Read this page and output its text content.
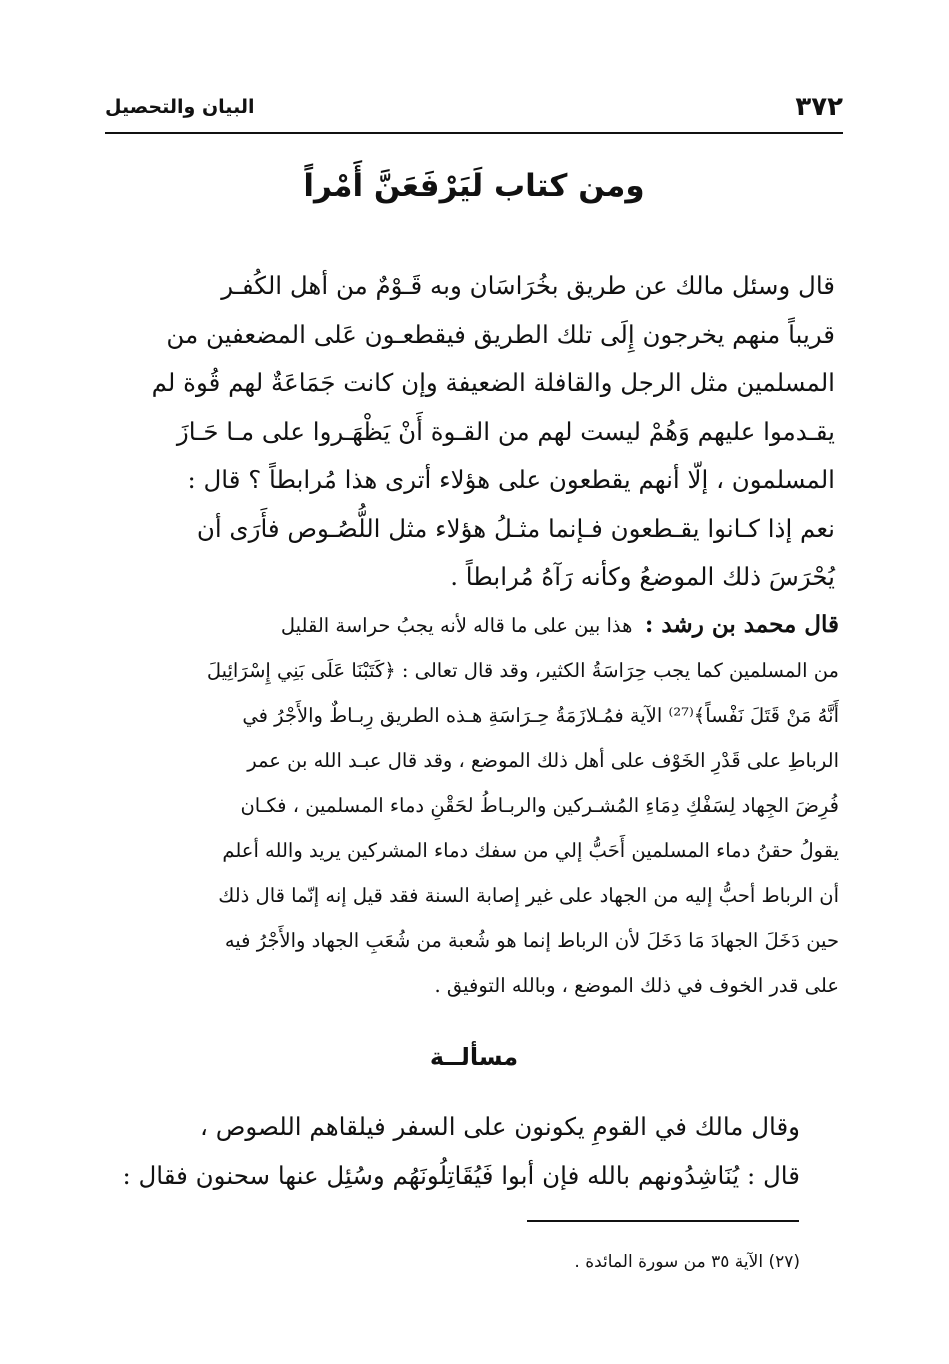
٣٧٢
البيان والتحصيل
ومن كتاب لَيَرْفَعَنَّ أَمْراً
قال وسئل مالك عن طريق بخُرَاسَان وبه قَـوْمٌ من أهل الكُفـر
قريباً منهم يخرجون إِلَى تلك الطريق فيقطعـون عَلى المضعفين من
المسلمين مثل الرجل والقافلة الضعيفة وإن كانت جَمَاعَةٌ لهم قُوة لم
يقـدموا عليهم وَهُمْ ليست لهم من القـوة أَنْ يَظْهَـروا على مـا حَـازَ
المسلمون ، إلّا أنهم يقطعون على هؤلاء أترى هذا مُرابطاً ؟ قال :
نعم إذا كـانوا يقـطعون فـإنما مثـلُ هؤلاء مثل اللُّصُـوص فأَرَى أن
يُحْرَسَ ذلك الموضعُ وكأنه رَآهُ مُرابطاً .
قال محمد بن رشد :  هذا بين على ما قاله لأنه يجبُ حراسة القليل
من المسلمين كما يجب حِرَاسَةُ الكثير، وقد قال تعالى : ﴿كَتَبْنَا عَلَى بَنِي إِسْرَائِيلَ
أَنَّهُ مَنْ قَتَلَ نَفْساً﴾⁽²⁷⁾ الآية فمُـلازَمَةُ حِـرَاسَةِ هـذه الطريق رِبـاطٌ والأَجْرُ في
الرباطِ على قَدْرِ الخَوْف على أهل ذلك الموضع ، وقد قال عبـد الله بن عمر
فُرِضَ الجِهاد لِسَفْكِ دِمَاءِ المُشـركين والربـاطُ لحَقْنِ دماء المسلمين ، فكـان
يقولُ حقنُ دماء المسلمين أَحَبُّ إلي من سفك دماء المشركين يريد والله أعلم
أن الرباط أحبُّ إليه من الجهاد على غير إصابة السنة فقد قيل إنه إنّما قال ذلك
حين دَخَلَ الجهادَ مَا دَخَلَ لأن الرباط إنما هو شُعبة من شُعَبِ الجهاد والأَجْرُ فيه
على قدر الخوف في ذلك الموضع ، وبالله التوفيق .
مسألــة
وقال مالك في القومِ يكونون على السفر فيلقاهم اللصوص ،
قال : يُنَاشِدُونهم بالله فإن أبوا فَيُقَاتِلُونَهُم وسُئِل عنها سحنون فقال :
(٢٧) الآية ٣٥ من سورة المائدة .
